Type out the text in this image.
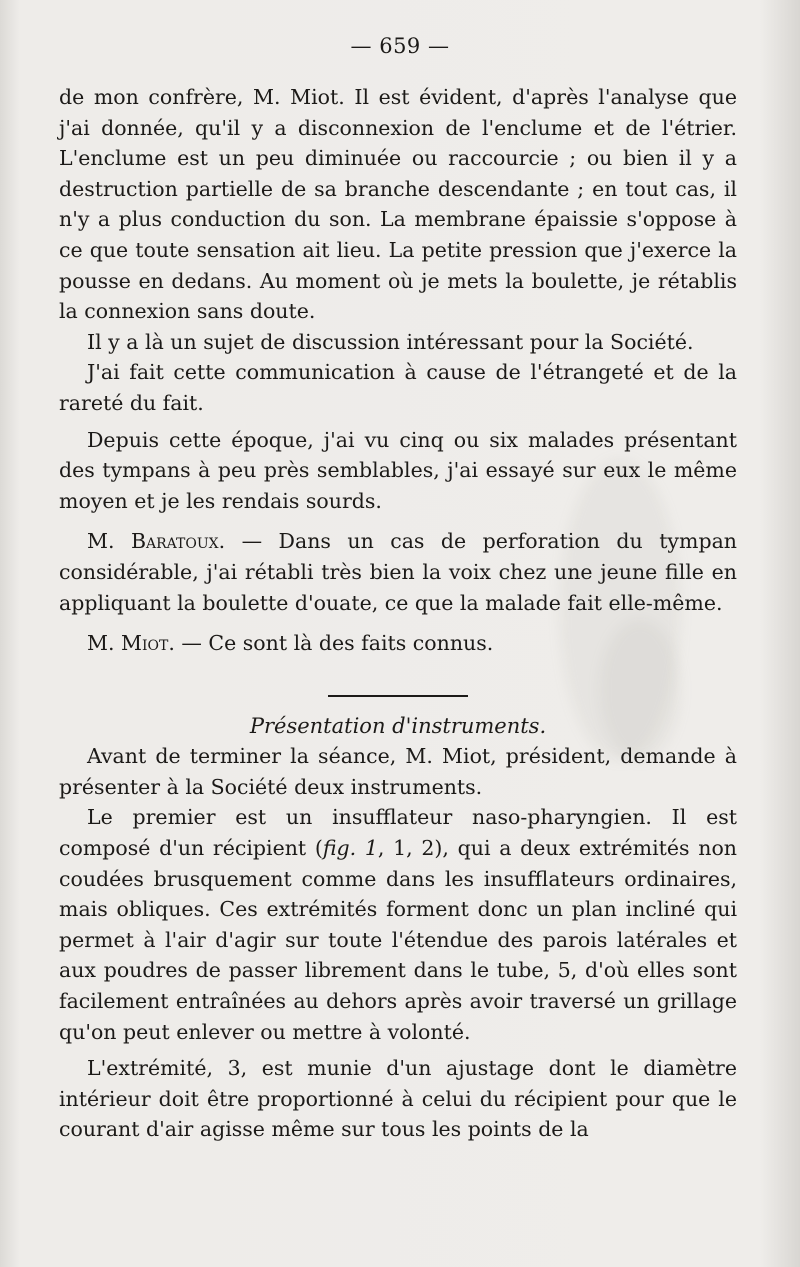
— 659 —

de mon confrère, M. Miot. Il est évident, d'après l'analyse que j'ai donnée, qu'il y a disconnexion de l'enclume et de l'étrier. L'enclume est un peu diminuée ou raccourcie ; ou bien il y a destruction partielle de sa branche descendante ; en tout cas, il n'y a plus conduction du son. La membrane épaissie s'oppose à ce que toute sensation ait lieu. La petite pression que j'exerce la pousse en dedans. Au moment où je mets la boulette, je rétablis la connexion sans doute.

Il y a là un sujet de discussion intéressant pour la Société.

J'ai fait cette communication à cause de l'étrangeté et de la rareté du fait.

Depuis cette époque, j'ai vu cinq ou six malades présentant des tympans à peu près semblables, j'ai essayé sur eux le même moyen et je les rendais sourds.

M. Baratoux. — Dans un cas de perforation du tympan considérable, j'ai rétabli très bien la voix chez une jeune fille en appliquant la boulette d'ouate, ce que la malade fait elle-même.

M. Miot. — Ce sont là des faits connus.

Présentation d'instruments.

Avant de terminer la séance, M. Miot, président, demande à présenter à la Société deux instruments.

Le premier est un insufflateur naso-pharyngien. Il est composé d'un récipient (fig. 1, 1, 2), qui a deux extrémités non coudées brusquement comme dans les insufflateurs ordinaires, mais obliques. Ces extrémités forment donc un plan incliné qui permet à l'air d'agir sur toute l'étendue des parois latérales et aux poudres de passer librement dans le tube, 5, d'où elles sont facilement entraînées au dehors après avoir traversé un grillage qu'on peut enlever ou mettre à volonté.

L'extrémité, 3, est munie d'un ajustage dont le diamètre intérieur doit être proportionné à celui du récipient pour que le courant d'air agisse même sur tous les points de la
